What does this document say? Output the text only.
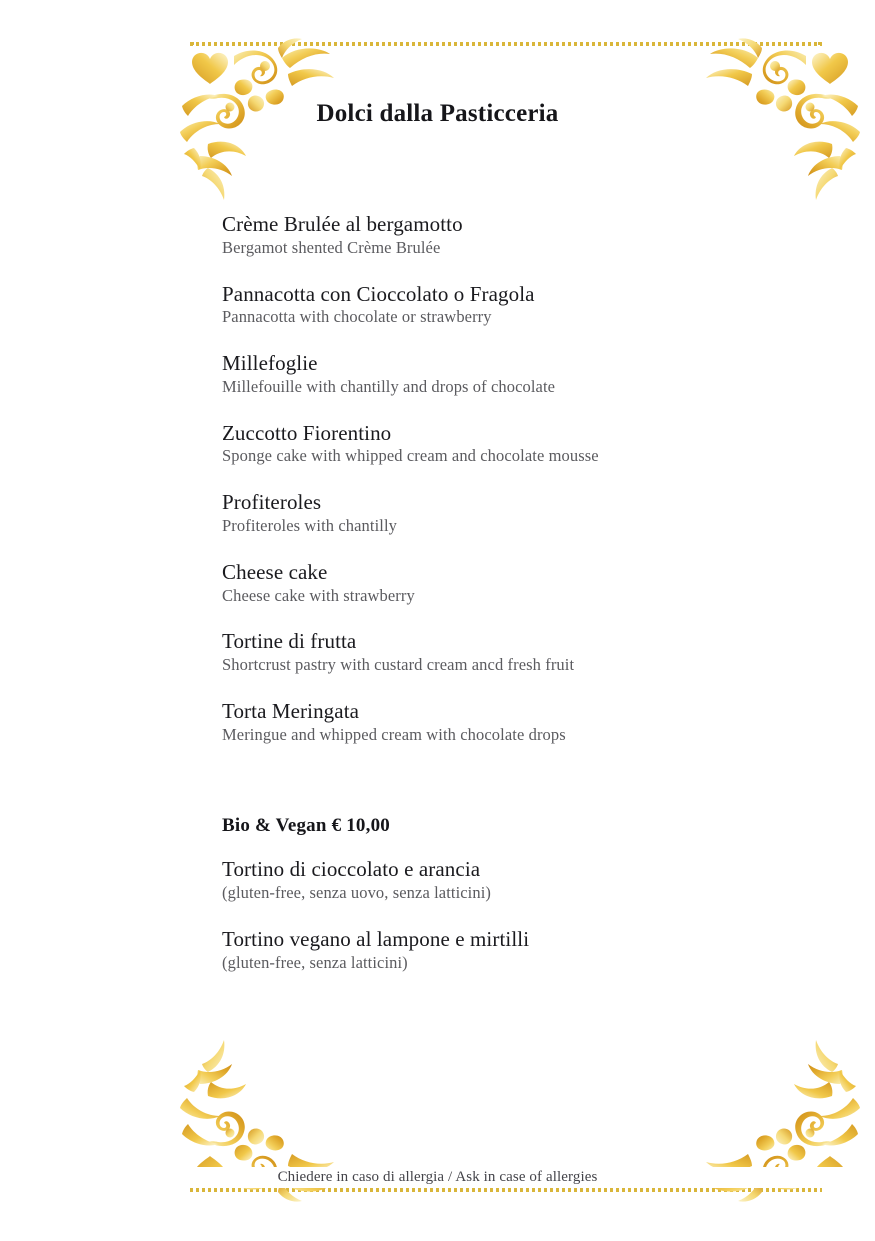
Dolci dalla Pasticceria
Crème Brulée al bergamotto
Bergamot shented Crème Brulée
Pannacotta con Cioccolato o Fragola
Pannacotta with chocolate or strawberry
Millefoglie
Millefouille with chantilly and drops of chocolate
Zuccotto Fiorentino
Sponge cake with whipped cream and chocolate mousse
Profiteroles
Profiteroles with chantilly
Cheese cake
Cheese cake with strawberry
Tortine di frutta
Shortcrust pastry with custard cream ancd fresh fruit
Torta Meringata
Meringue and whipped cream with chocolate drops
Bio & Vegan € 10,00
Tortino di cioccolato e arancia
(gluten-free, senza uovo, senza latticini)
Tortino vegano al lampone e mirtilli
(gluten-free, senza latticini)
Chiedere in caso di allergia / Ask in case of allergies
